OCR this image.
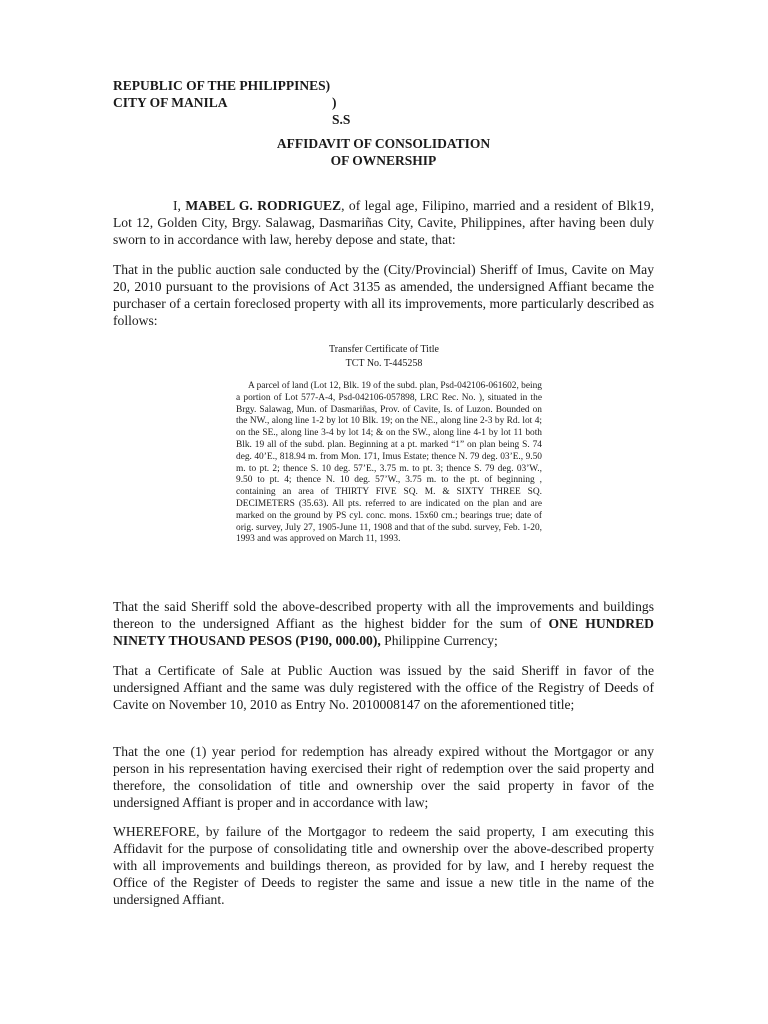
REPUBLIC OF THE PHILIPPINES)
CITY OF MANILA	) S.S
AFFIDAVIT OF CONSOLIDATION
OF OWNERSHIP

I, MABEL G. RODRIGUEZ, of legal age, Filipino, married and a resident of Blk19, Lot 12, Golden City, Brgy. Salawag, Dasmariñas City, Cavite, Philippines, after having been duly sworn to in accordance with law, hereby depose and state, that:

That in the public auction sale conducted by the (City/Provincial) Sheriff of Imus, Cavite on May 20, 2010 pursuant to the provisions of Act 3135 as amended, the undersigned Affiant became the purchaser of a certain foreclosed property with all its improvements, more particularly described as follows:

Transfer Certificate of Title
TCT No. T-445258

A parcel of land (Lot 12, Blk. 19 of the subd. plan, Psd-042106-061602, being a portion of Lot 577-A-4, Psd-042106-057898, LRC Rec. No. ), situated in the Brgy. Salawag, Mun. of Dasmariñas, Prov. of Cavite, Is. of Luzon. Bounded on the NW., along line 1-2 by lot 10 Blk. 19; on the NE., along line 2-3 by Rd. lot 4; on the SE., along line 3-4 by lot 14; & on the SW., along line 4-1 by lot 11 both Blk. 19 all of the subd. plan. Beginning at a pt. marked “1” on plan being S. 74 deg. 40’E., 818.94 m. from Mon. 171, Imus Estate; thence N. 79 deg. 03’E., 9.50 m. to pt. 2; thence S. 10 deg. 57’E., 3.75 m. to pt. 3; thence S. 79 deg. 03’W., 9.50 to pt. 4; thence N. 10 deg. 57’W., 3.75 m. to the pt. of beginning , containing an area of THIRTY FIVE SQ. M. & SIXTY THREE SQ. DECIMETERS (35.63). All pts. referred to are indicated on the plan and are marked on the ground by PS cyl. conc. mons. 15x60 cm.; bearings true; date of orig. survey, July 27, 1905-June 11, 1908 and that of the subd. survey, Feb. 1-20, 1993 and was approved on March 11, 1993.

That the said Sheriff sold the above-described property with all the improvements and buildings thereon to the undersigned Affiant as the highest bidder for the sum of ONE HUNDRED NINETY THOUSAND PESOS (P190, 000.00), Philippine Currency;

That a Certificate of Sale at Public Auction was issued by the said Sheriff in favor of the undersigned Affiant and the same was duly registered with the office of the Registry of Deeds of Cavite on November 10, 2010 as Entry No. 2010008147 on the aforementioned title;

That the one (1) year period for redemption has already expired without the Mortgagor or any person in his representation having exercised their right of redemption over the said property and therefore, the consolidation of title and ownership over the said property in favor of the undersigned Affiant is proper and in accordance with law;

WHEREFORE, by failure of the Mortgagor to redeem the said property, I am executing this Affidavit for the purpose of consolidating title and ownership over the above-described property with all improvements and buildings thereon, as provided for by law, and I hereby request the Office of the Register of Deeds to register the same and issue a new title in the name of the undersigned Affiant.
